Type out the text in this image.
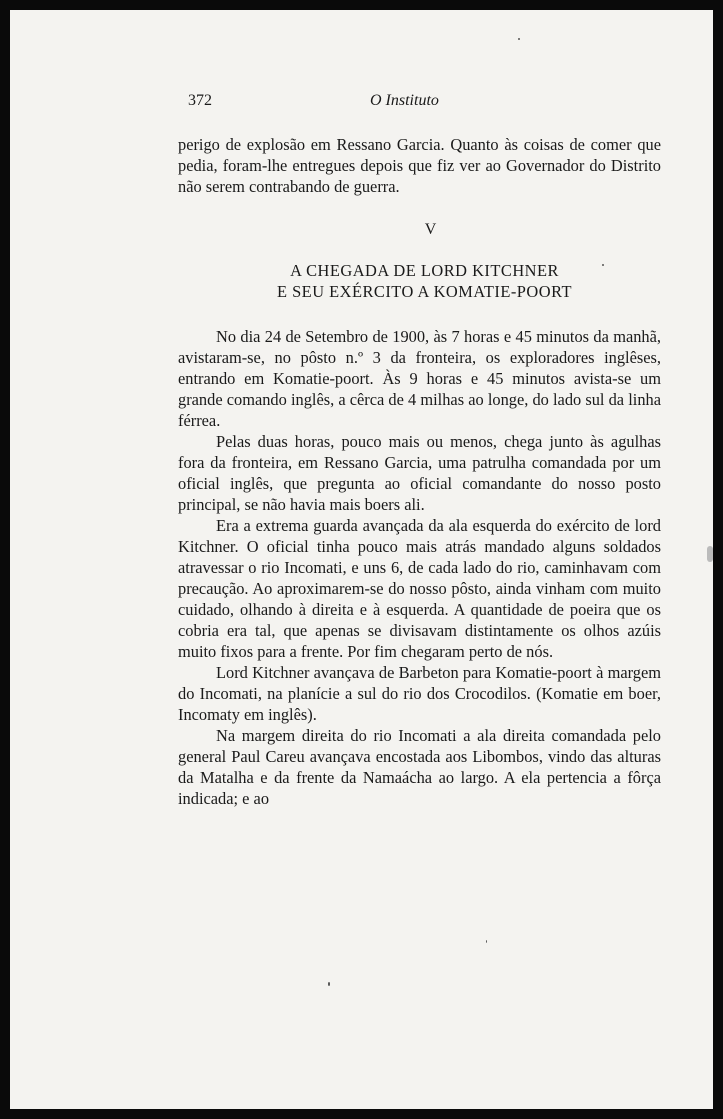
372	O Instituto

perigo de explosão em Ressano Garcia. Quanto às coisas de comer que pedia, foram-lhe entregues depois que fiz ver ao Governador do Distrito não serem contrabando de guerra.

V
A CHEGADA DE LORD KITCHNER
E SEU EXÉRCITO A KOMATIE-POORT

No dia 24 de Setembro de 1900, às 7 horas e 45 minutos da manhã, avistaram-se, no pôsto n.º 3 da fronteira, os exploradores inglêses, entrando em Komatie-poort. Às 9 horas e 45 minutos avista-se um grande comando inglês, a cêrca de 4 milhas ao longe, do lado sul da linha férrea.

Pelas duas horas, pouco mais ou menos, chega junto às agulhas fora da fronteira, em Ressano Garcia, uma patrulha comandada por um oficial inglês, que pregunta ao oficial comandante do nosso posto principal, se não havia mais boers ali.

Era a extrema guarda avançada da ala esquerda do exército de lord Kitchner. O oficial tinha pouco mais atrás mandado alguns soldados atravessar o rio Incomati, e uns 6, de cada lado do rio, caminhavam com precaução. Ao aproximarem-se do nosso pôsto, ainda vinham com muito cuidado, olhando à direita e à esquerda. A quantidade de poeira que os cobria era tal, que apenas se divisavam distintamente os olhos azúis muito fixos para a frente. Por fim chegaram perto de nós.

Lord Kitchner avançava de Barbeton para Komatie-poort à margem do Incomati, na planície a sul do rio dos Crocodilos. (Komatie em boer, Incomaty em inglês).

Na margem direita do rio Incomati a ala direita comandada pelo general Paul Careu avançava encostada aos Libombos, vindo das alturas da Matalha e da frente da Namaácha ao largo. A ela pertencia a fôrça indicada; e ao
